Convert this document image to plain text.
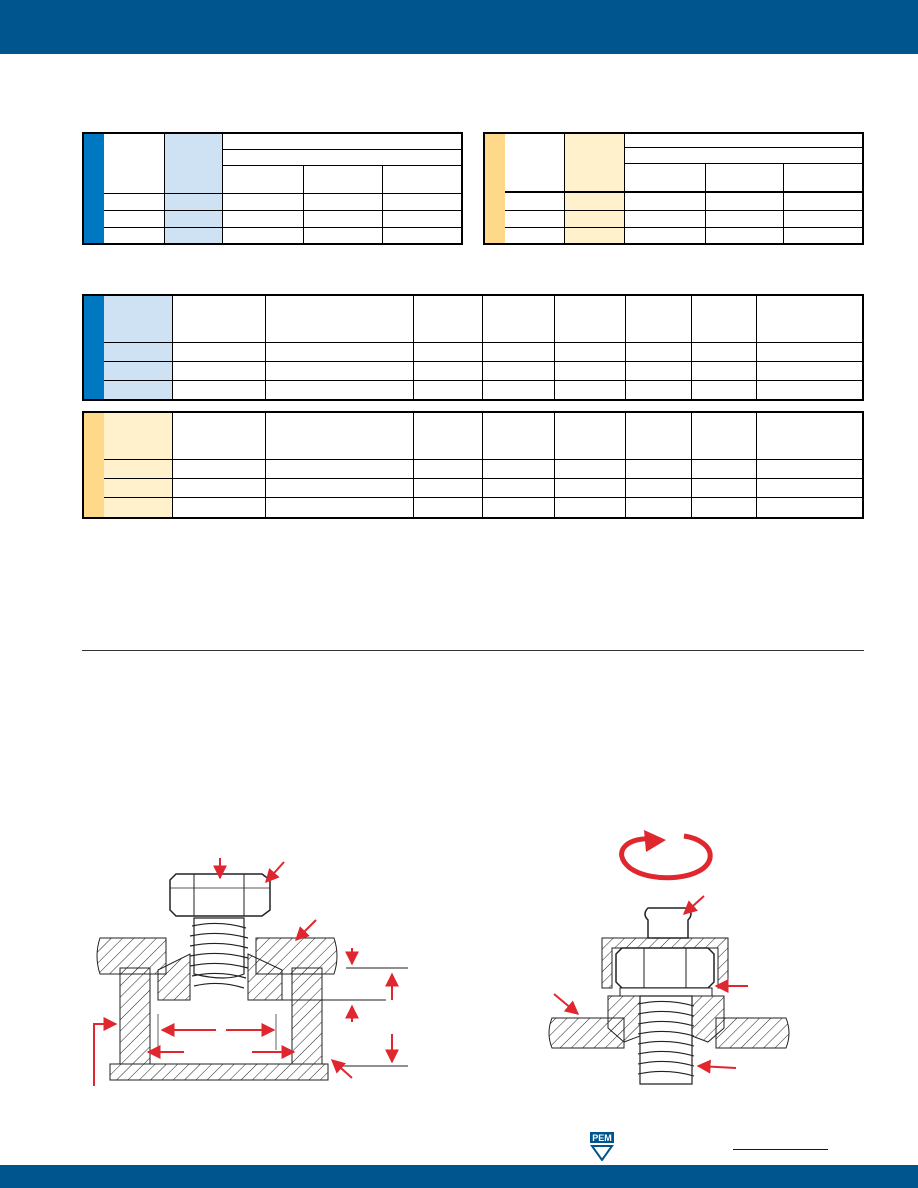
PEM
